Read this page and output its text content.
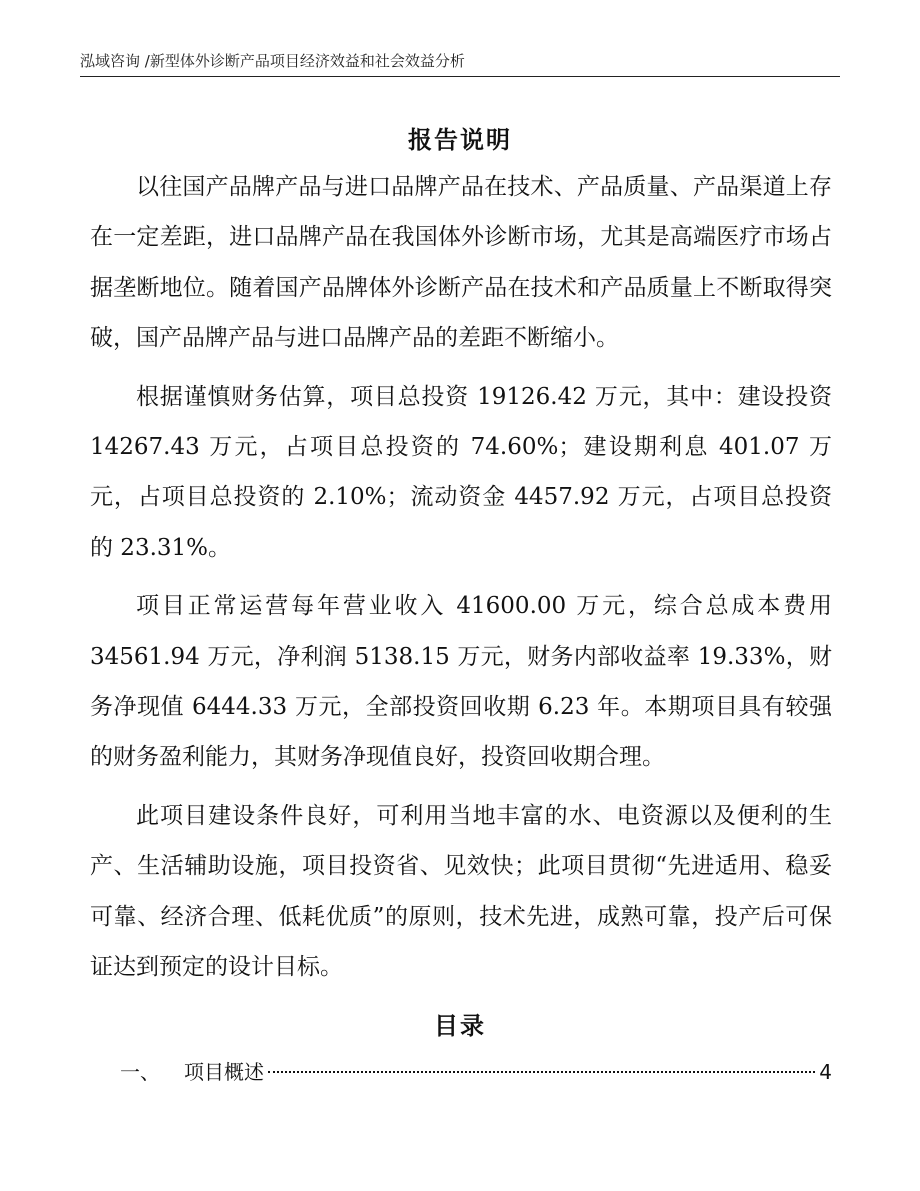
泓域咨询 /新型体外诊断产品项目经济效益和社会效益分析
报告说明

以往国产品牌产品与进口品牌产品在技术、产品质量、产品渠道上存在一定差距，进口品牌产品在我国体外诊断市场，尤其是高端医疗市场占据垄断地位。随着国产品牌体外诊断产品在技术和产品质量上不断取得突破，国产品牌产品与进口品牌产品的差距不断缩小。

根据谨慎财务估算，项目总投资 19126.42 万元，其中：建设投资 14267.43 万元，占项目总投资的 74.60%；建设期利息 401.07 万元，占项目总投资的 2.10%；流动资金 4457.92 万元，占项目总投资的 23.31%。

项目正常运营每年营业收入 41600.00 万元，综合总成本费用 34561.94 万元，净利润 5138.15 万元，财务内部收益率 19.33%，财务净现值 6444.33 万元，全部投资回收期 6.23 年。本期项目具有较强的财务盈利能力，其财务净现值良好，投资回收期合理。

此项目建设条件良好，可利用当地丰富的水、电资源以及便利的生产、生活辅助设施，项目投资省、见效快；此项目贯彻“先进适用、稳妥可靠、经济合理、低耗优质”的原则，技术先进，成熟可靠，投产后可保证达到预定的设计目标。

目录
一、 项目概述	4
